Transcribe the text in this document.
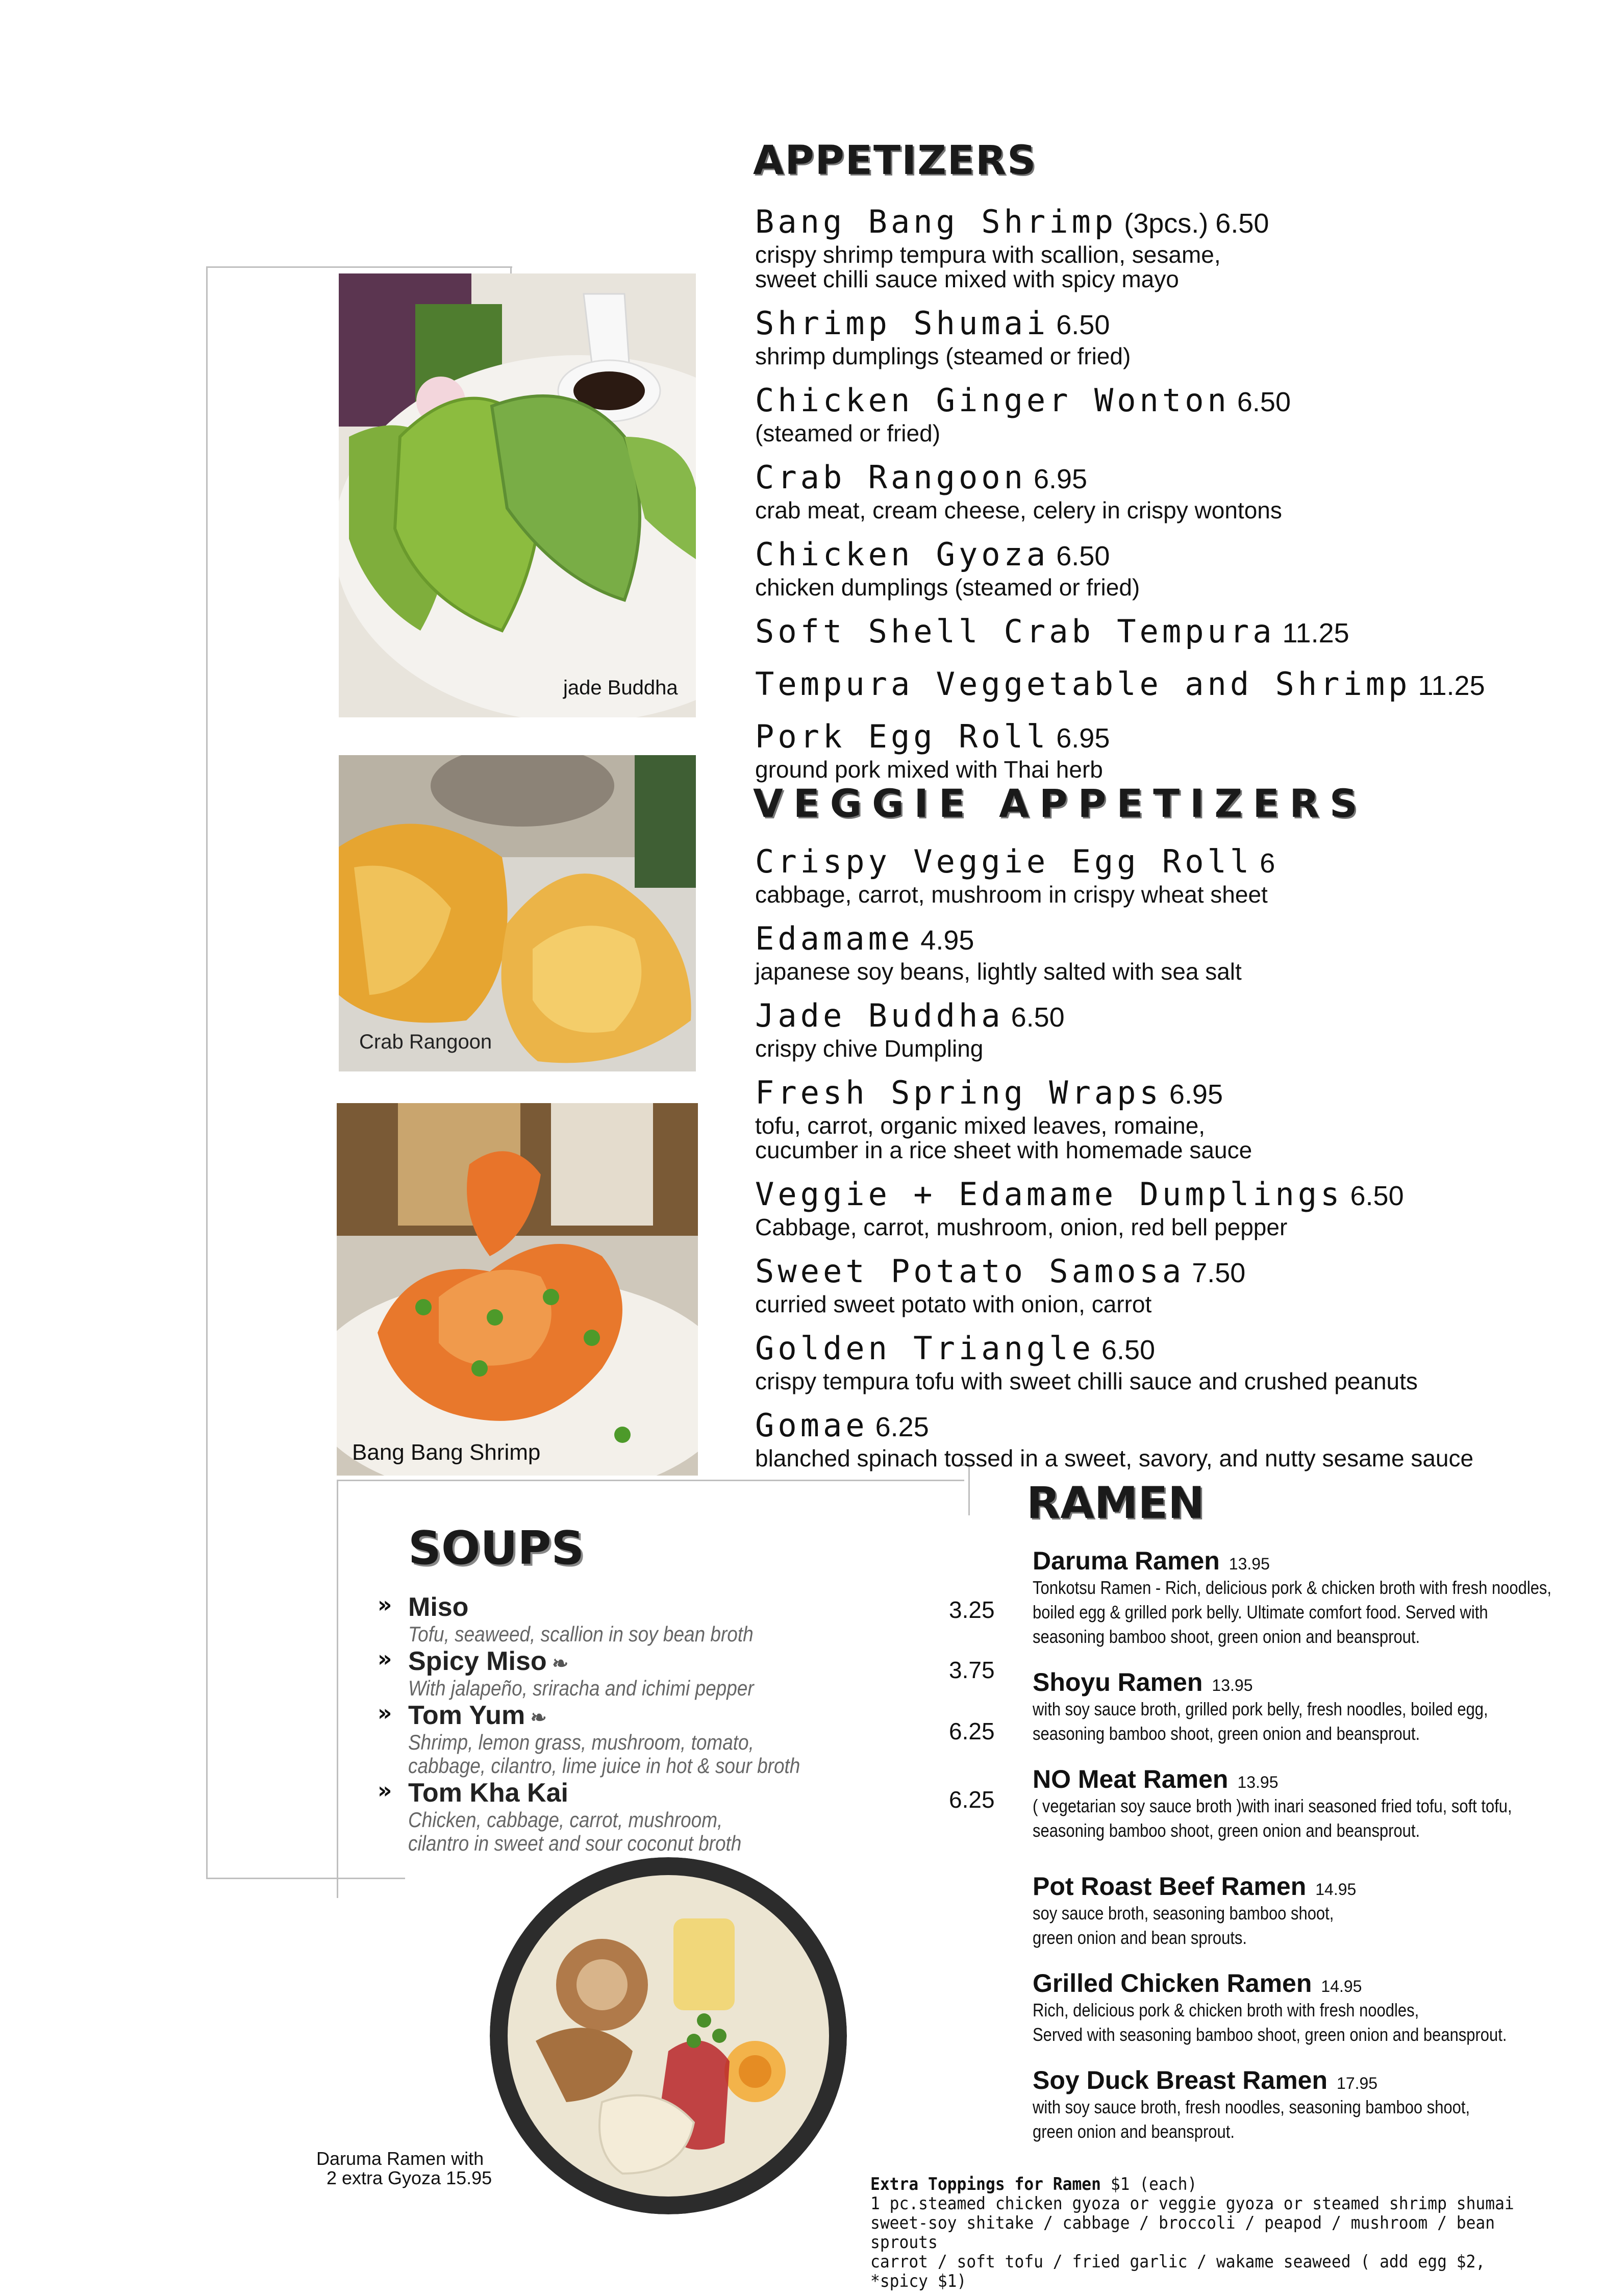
APPETIZERS
Bang Bang Shrimp (3pcs.) 6.50
crispy shrimp tempura with scallion, sesame,
sweet chilli sauce mixed with spicy mayo
Shrimp Shumai 6.50
shrimp dumplings (steamed or fried)
Chicken Ginger Wonton 6.50
(steamed or fried)
Crab Rangoon 6.95
crab meat, cream cheese, celery in crispy wontons
Chicken Gyoza 6.50
chicken dumplings (steamed or fried)
Soft Shell Crab Tempura 11.25
Tempura Veggetable and Shrimp 11.25
Pork Egg Roll 6.95
ground pork mixed with Thai herb
VEGGIE APPETIZERS
Crispy Veggie Egg Roll 6
cabbage, carrot, mushroom in crispy wheat sheet
Edamame 4.95
japanese soy beans, lightly salted with sea salt
Jade Buddha 6.50
crispy chive Dumpling
Fresh Spring Wraps 6.95
tofu, carrot, organic mixed leaves, romaine,
cucumber in a rice sheet with homemade sauce
Veggie + Edamame Dumplings 6.50
Cabbage, carrot, mushroom, onion, red bell pepper
Sweet Potato Samosa 7.50
curried sweet potato with onion, carrot
Golden Triangle 6.50
crispy tempura tofu with sweet chilli sauce and crushed peanuts
Gomae 6.25
blanched spinach tossed in a sweet, savory, and nutty sesame sauce
jade Buddha
Crab Rangoon
Bang Bang Shrimp
SOUPS
» Miso
Tofu, seaweed, scallion in soy bean broth
3.25
» Spicy Miso ❧
With jalapeño, sriracha and ichimi pepper
3.75
» Tom Yum ❧
Shrimp, lemon grass, mushroom, tomato,
cabbage, cilantro, lime juice in hot & sour broth
6.25
» Tom Kha Kai
Chicken, cabbage, carrot, mushroom,
cilantro in sweet and sour coconut broth
6.25
Daruma Ramen with
2 extra Gyoza 15.95
RAMEN
Daruma Ramen 13.95
Tonkotsu Ramen - Rich, delicious pork & chicken broth with fresh noodles,
boiled egg & grilled pork belly. Ultimate comfort food. Served with
seasoning bamboo shoot, green onion and beansprout.
Shoyu Ramen 13.95
with soy sauce broth, grilled pork belly, fresh noodles, boiled egg,
seasoning bamboo shoot, green onion and beansprout.
NO Meat Ramen 13.95
( vegetarian soy sauce broth )with inari seasoned fried tofu, soft tofu,
seasoning bamboo shoot, green onion and beansprout.
Pot Roast Beef Ramen 14.95
soy sauce broth, seasoning bamboo shoot,
green onion and bean sprouts.
Grilled Chicken Ramen 14.95
Rich, delicious pork & chicken broth with fresh noodles,
Served with seasoning bamboo shoot, green onion and beansprout.
Soy Duck Breast Ramen 17.95
with soy sauce broth, fresh noodles, seasoning bamboo shoot,
green onion and beansprout.
Extra Toppings for Ramen $1 (each)
1 pc.steamed chicken gyoza or veggie gyoza or steamed shrimp shumai
sweet-soy shitake / cabbage / broccoli / peapod / mushroom / bean sprouts
carrot / soft tofu / fried garlic / wakame seaweed ( add egg $2, *spicy $1)
